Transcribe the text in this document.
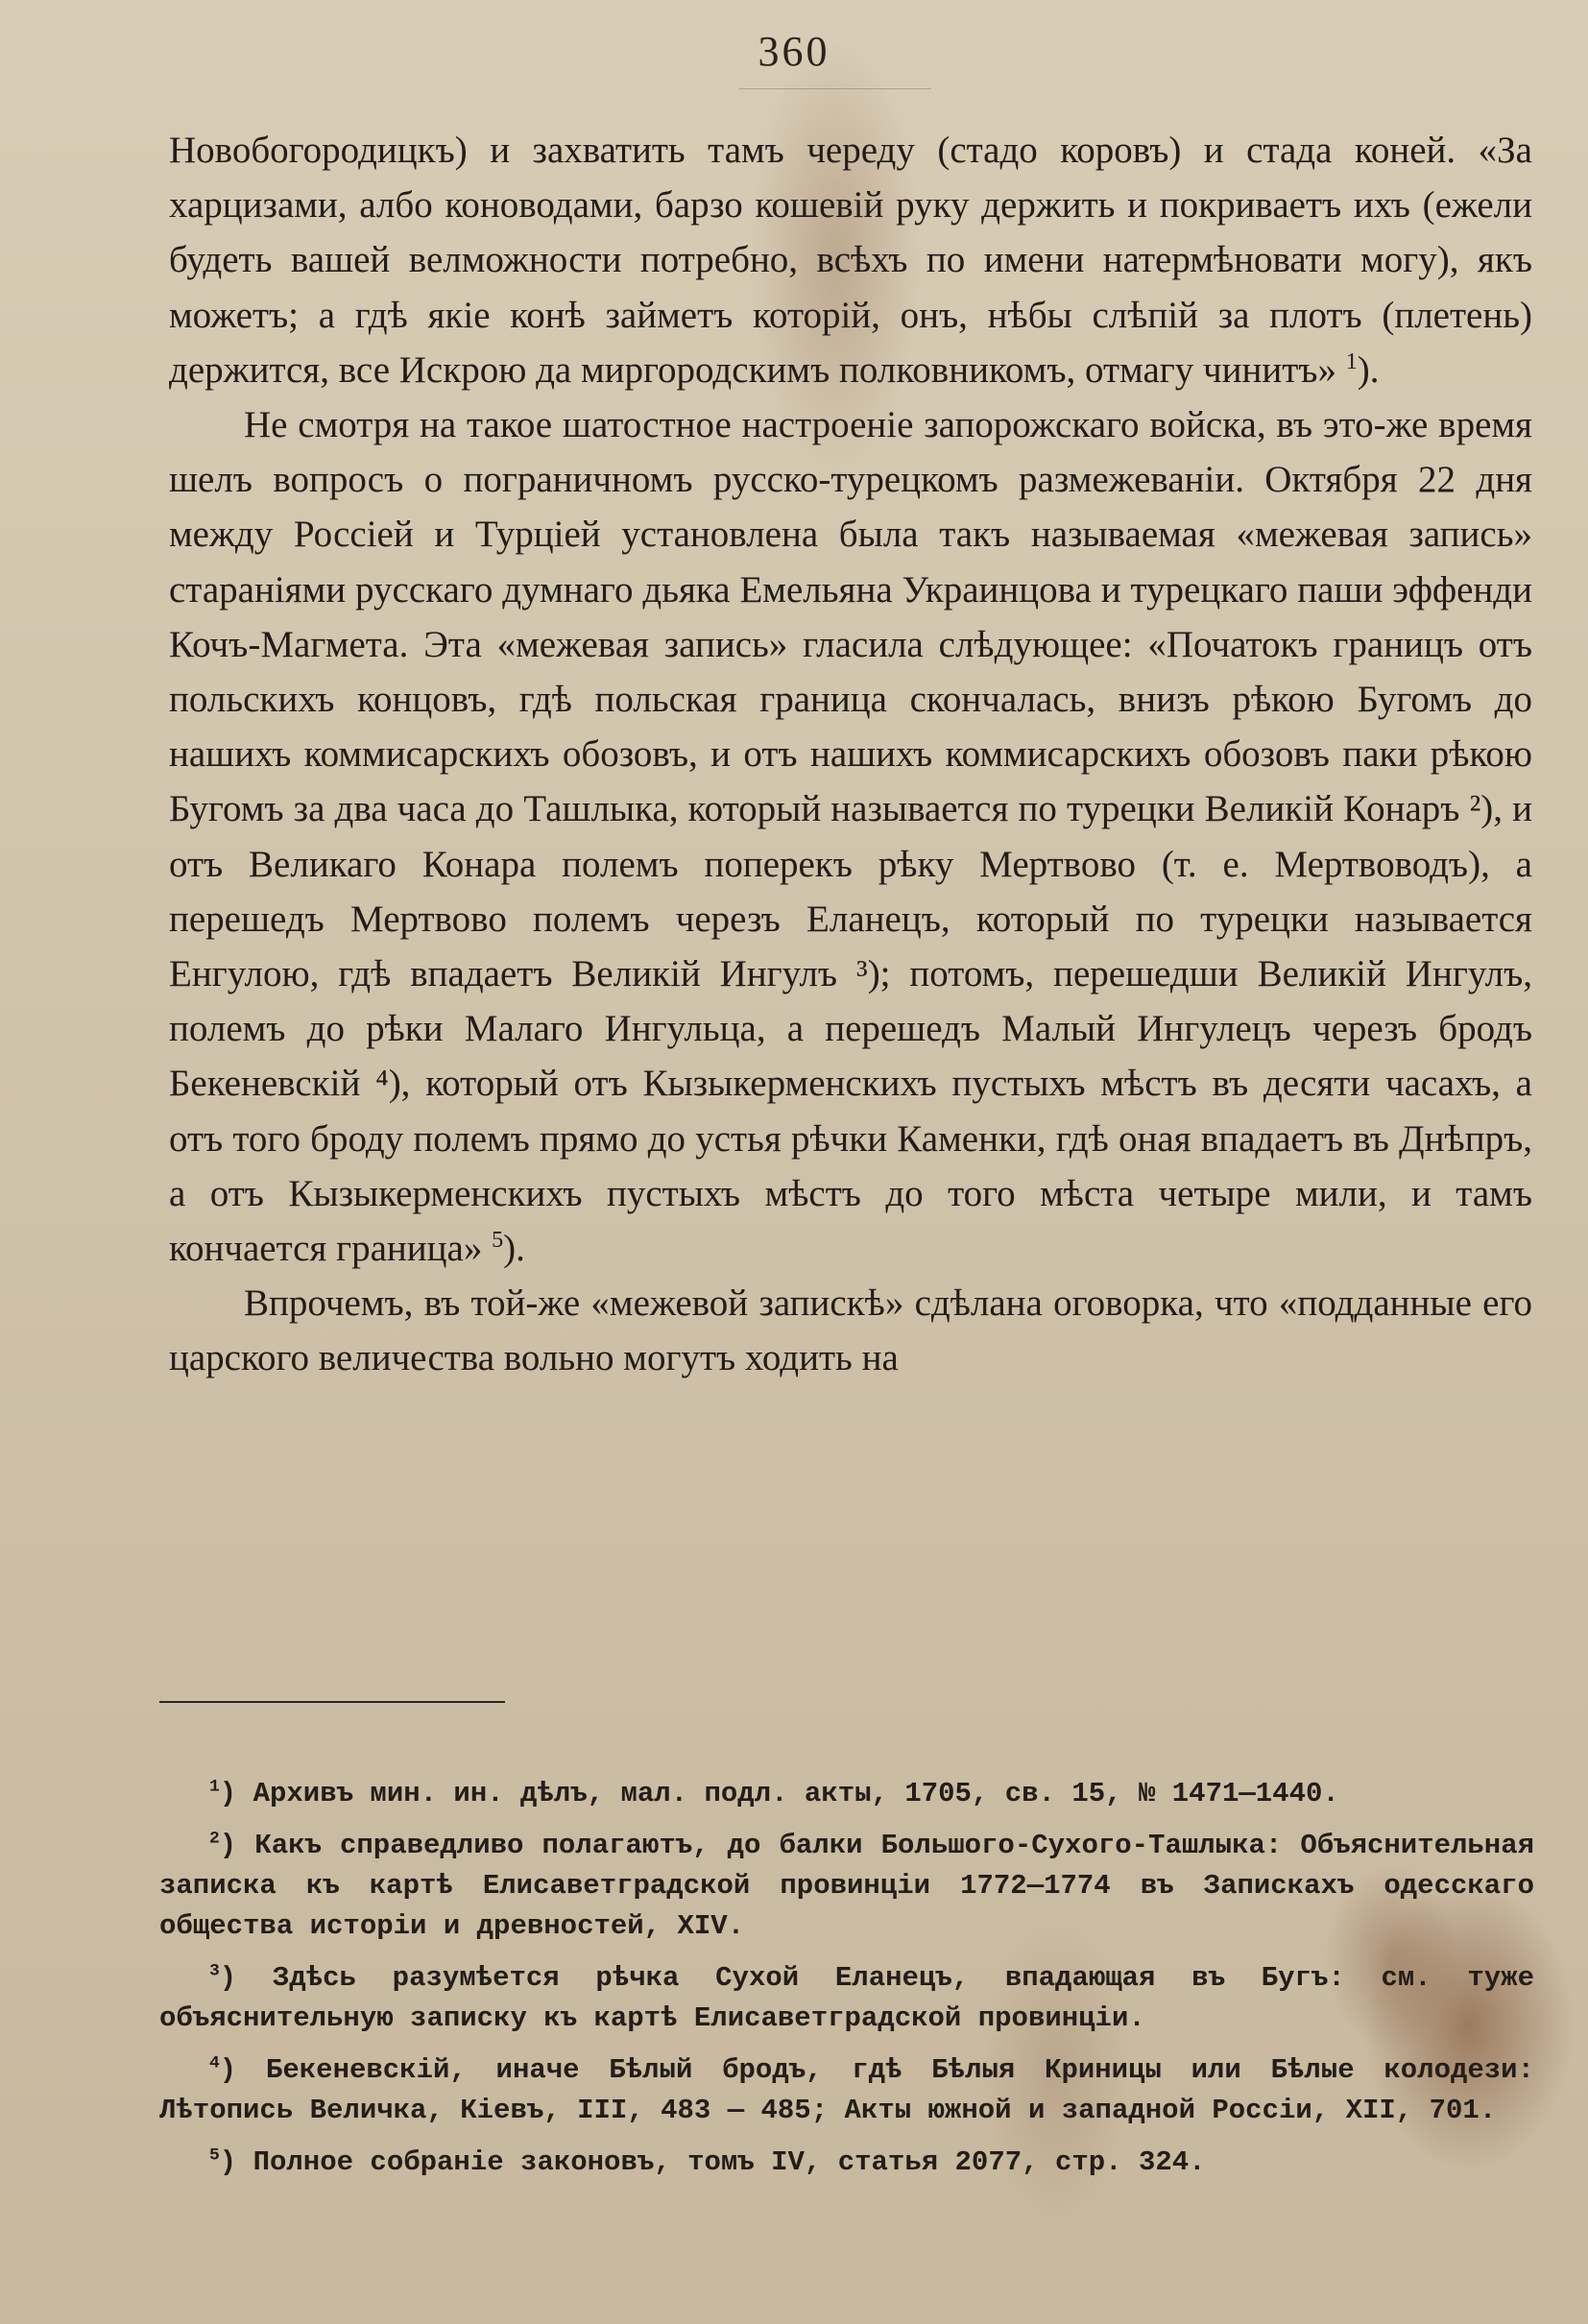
360

Новобогородицкъ) и захватить тамъ череду (стадо коровъ) и стада коней. «За харцизами, албо коноводами, барзо кошевій руку держить и покриваетъ ихъ (ежели будеть вашей велможности потребно, всѣхъ по имени натермѣновати могу), якъ можетъ; а гдѣ якіе конѣ займетъ которій, онъ, нѣбы слѣпій за плотъ (плетень) держится, все Искрою да миргородскимъ полковникомъ, отмагу чинитъ» $^1$).

Не смотря на такое шатостное настроеніе запорожскаго войска, въ это-же время шелъ вопросъ о пограничномъ русско-турецкомъ размежеваніи. Октября 22 дня между Россіей и Турціей установлена была такъ называемая «межевая запись» стараніями русскаго думнаго дьяка Емельяна Украинцова и турецкаго паши эффенди Кочъ-Магмета. Эта «межевая запись» гласила слѣдующее: «Початокъ границъ отъ польскихъ концовъ, гдѣ польская граница скончалась, внизъ рѣкою Бугомъ до нашихъ коммисарскихъ обозовъ, и отъ нашихъ коммисарскихъ обозовъ паки рѣкою Бугомъ за два часа до Ташлыка, который называется по турецки Великій Конаръ ²), и отъ Великаго Конара полемъ поперекъ рѣку Мертвово (т. е. Мертвоводъ), а перешедъ Мертвово полемъ черезъ Еланецъ, который по турецки называется Енгулою, гдѣ впадаетъ Великій Ингулъ ³); потомъ, перешедши Великій Ингулъ, полемъ до рѣки Малаго Ингульца, а перешедъ Малый Ингулецъ черезъ бродъ Бекеневскій ⁴), который отъ Кызыкерменскихъ пустыхъ мѣстъ въ десяти часахъ, а отъ того броду полемъ прямо до устья рѣчки Каменки, гдѣ оная впадаетъ въ Днѣпръ, а отъ Кызыкерменскихъ пустыхъ мѣстъ до того мѣста четыре мили, и тамъ кончается граница» $^5$).

Впрочемъ, въ той-же «межевой запискѣ» сдѣлана оговорка, что «подданные его царского величества вольно могутъ ходить на

$^1$) Архивъ мин. ин. дѣлъ, мал. подл. акты, 1705, св. 15, № 1471—1440.

$^2$) Какъ справедливо полагаютъ, до балки Большого-Сухого-Ташлыка: Объяснительная записка къ картѣ Елисаветградской провинціи 1772—1774 въ Запискахъ одесскаго общества исторіи и древностей, XIV.

$^3$) Здѣсь разумѣется рѣчка Сухой Еланецъ, впадающая въ Бугъ: см. туже объяснительную записку къ картѣ Елисаветградской провинціи.

$^4$) Бекеневскій, иначе Бѣлый бродъ, гдѣ Бѣлыя Криницы или Бѣлые колодези: Лѣтопись Величка, Кіевъ, III, 483 — 485; Акты южной и западной Россіи, XII, 701.

$^5$) Полное собраніе законовъ, томъ IV, статья 2077, стр. 324.
